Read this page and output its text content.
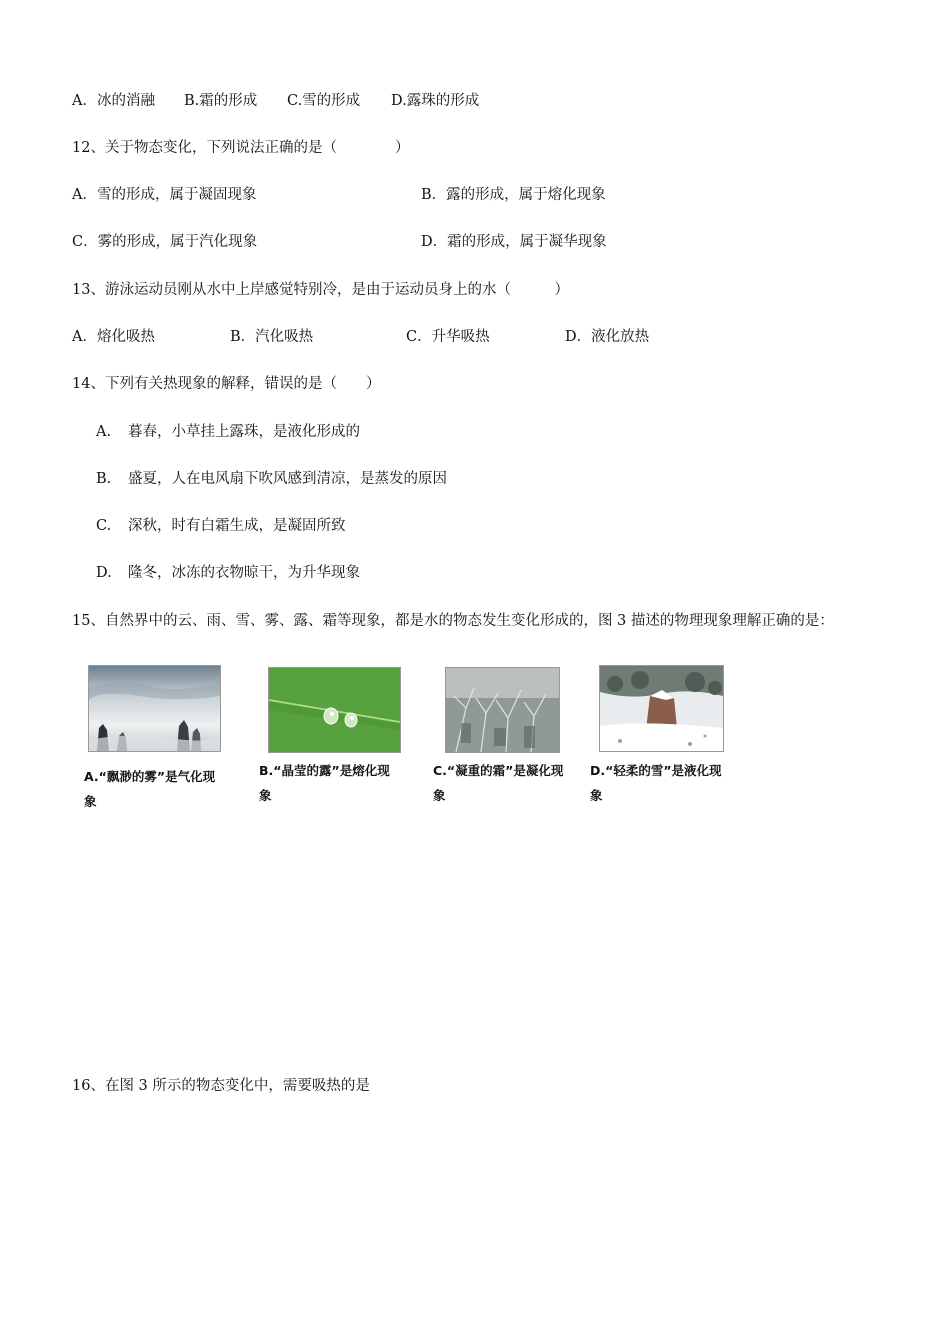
A．冰的消融 B.霜的形成 C.雪的形成 D.露珠的形成
12、关于物态变化，下列说法正确的是（　　　　）
A．雪的形成，属于凝固现象	B．露的形成，属于熔化现象
C．雾的形成，属于汽化现象	D．霜的形成，属于凝华现象
13、游泳运动员刚从水中上岸感觉特别冷，是由于运动员身上的水（　　　）
A．熔化吸热	B．汽化吸热	C．升华吸热	D．液化放热
14、下列有关热现象的解释，错误的是（　　）
A. 暮春，小草挂上露珠，是液化形成的
B. 盛夏，人在电风扇下吹风感到清凉，是蒸发的原因
C. 深秋，时有白霜生成，是凝固所致
D. 隆冬，冰冻的衣物晾干，为升华现象
15、自然界中的云、雨、雪、雾、露、霜等现象，都是水的物态发生变化形成的，图 3 描述的物理现象理解正确的是：
A.“飘渺的雾”是气化现象
B.“晶莹的露”是熔化现象
C.“凝重的霜”是凝化现象
D.“轻柔的雪”是液化现象
16、在图 3 所示的物态变化中，需要吸热的是
